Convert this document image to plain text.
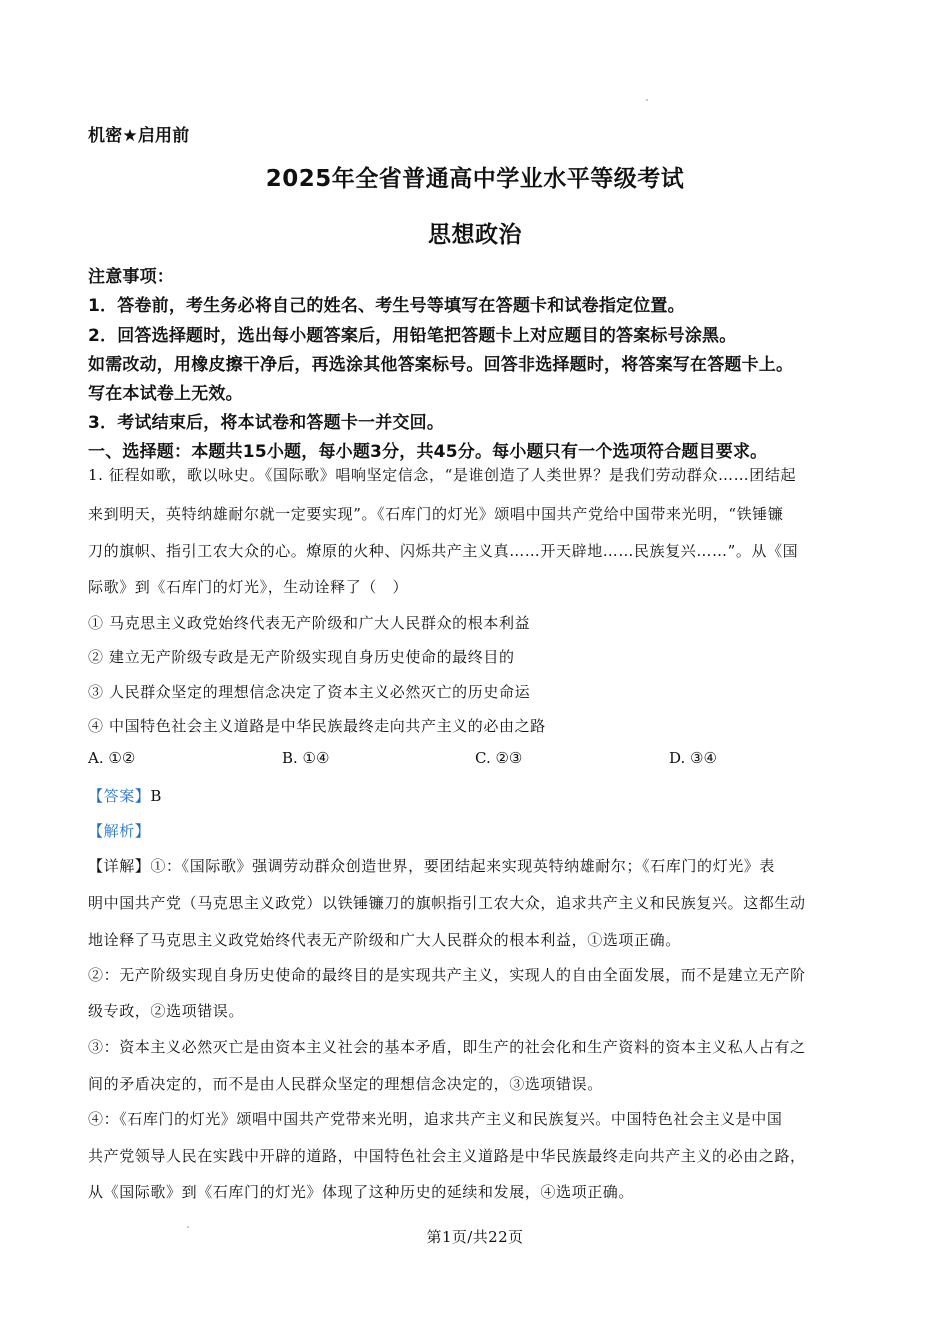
机密★启用前
2025年全省普通高中学业水平等级考试
思想政治
注意事项：
1．答卷前，考生务必将自己的姓名、考生号等填写在答题卡和试卷指定位置。
2．回答选择题时，选出每小题答案后，用铅笔把答题卡上对应题目的答案标号涂黑。
如需改动，用橡皮擦干净后，再选涂其他答案标号。回答非选择题时，将答案写在答题卡上。
写在本试卷上无效。
3．考试结束后，将本试卷和答题卡一并交回。
一、选择题：本题共15小题，每小题3分，共45分。每小题只有一个选项符合题目要求。
1. 征程如歌，歌以咏史。《国际歌》唱响坚定信念，“是谁创造了人类世界？是我们劳动群众……团结起
来到明天，英特纳雄耐尔就一定要实现”。《石库门的灯光》颂唱中国共产党给中国带来光明，“铁锤镰
刀的旗帜、指引工农大众的心。燎原的火种、闪烁共产主义真……开天辟地……民族复兴……”。从《国
际歌》到《石库门的灯光》，生动诠释了（　）
① 马克思主义政党始终代表无产阶级和广大人民群众的根本利益
② 建立无产阶级专政是无产阶级实现自身历史使命的最终目的
③ 人民群众坚定的理想信念决定了资本主义必然灭亡的历史命运
④ 中国特色社会主义道路是中华民族最终走向共产主义的必由之路
A. ①②	B. ①④	C. ②③	D. ③④
【答案】B
【解析】
【详解】①：《国际歌》强调劳动群众创造世界，要团结起来实现英特纳雄耐尔；《石库门的灯光》表
明中国共产党（马克思主义政党）以铁锤镰刀的旗帜指引工农大众，追求共产主义和民族复兴。这都生动
地诠释了马克思主义政党始终代表无产阶级和广大人民群众的根本利益，①选项正确。
②：无产阶级实现自身历史使命的最终目的是实现共产主义，实现人的自由全面发展，而不是建立无产阶
级专政，②选项错误。
③：资本主义必然灭亡是由资本主义社会的基本矛盾，即生产的社会化和生产资料的资本主义私人占有之
间的矛盾决定的，而不是由人民群众坚定的理想信念决定的，③选项错误。
④：《石库门的灯光》颂唱中国共产党带来光明，追求共产主义和民族复兴。中国特色社会主义是中国
共产党领导人民在实践中开辟的道路，中国特色社会主义道路是中华民族最终走向共产主义的必由之路，
从《国际歌》到《石库门的灯光》体现了这种历史的延续和发展，④选项正确。
第1页/共22页
